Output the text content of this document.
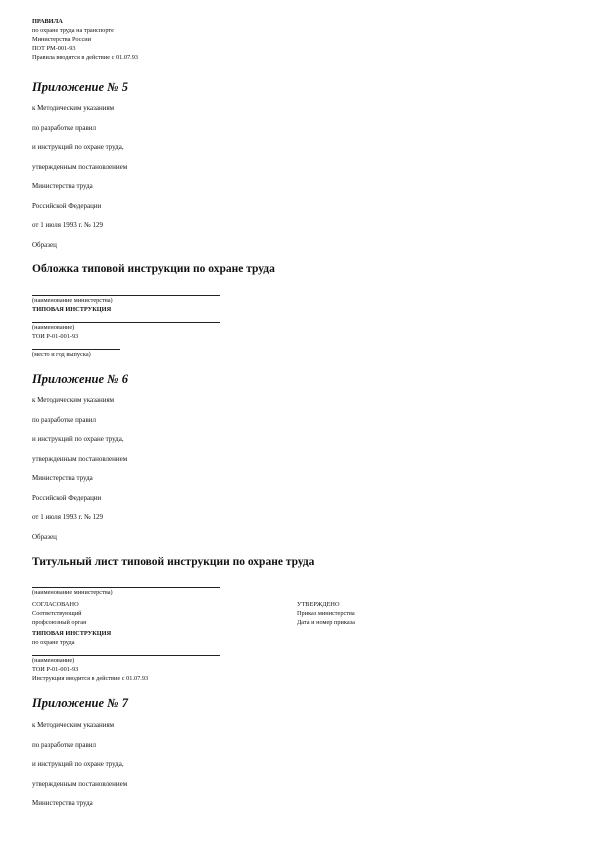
ПРАВИЛА
по охране труда на транспорте
Министерства России
ПОТ РМ-001-93
Правила вводятся в действие с 01.07.93
Приложение № 5
к Методическим указаниям
по разработке правил
и инструкций по охране труда,
утвержденным постановлением
Министерства труда
Российской Федерации
от 1 июля 1993 г. № 129
Образец
Обложка типовой инструкции по охране труда
(наименование министерства)
ТИПОВАЯ ИНСТРУКЦИЯ
(наименование)
ТОИ Р-01-001-93
(место и год выпуска)
Приложение № 6
к Методическим указаниям
по разработке правил
и инструкций по охране труда,
утвержденным постановлением
Министерства труда
Российской Федерации
от 1 июля 1993 г. № 129
Образец
Титульный лист типовой инструкции по охране труда
(наименование министерства)
СОГЛАСОВАНО
Соответствующий
профсоюзный орган
ТИПОВАЯ ИНСТРУКЦИЯ
по охране труда
(наименование)
ТОИ Р-01-001-93
Инструкция вводится в действие с 01.07.93
УТВЕРЖДЕНО
Приказ министерства
Дата и номер приказа
Приложение № 7
к Методическим указаниям
по разработке правил
и инструкций по охране труда,
утвержденным постановлением
Министерства труда
